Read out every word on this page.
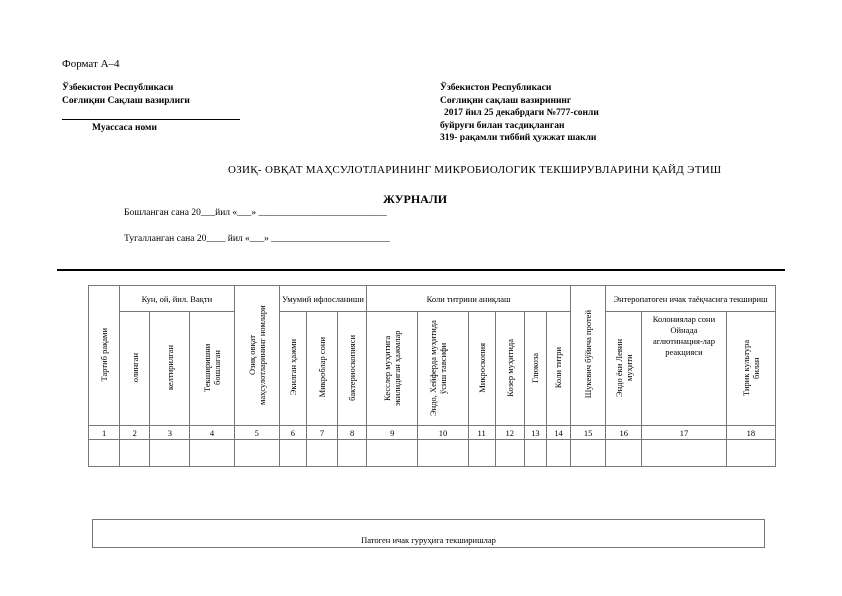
Формат А–4
Ўзбекистон Республикаси
Соғлиқни Сақлаш вазирлиги
Муассаса номи
Ўзбекистон Республикаси
Соғлиқни сақлаш вазирининг
2017 йил 25 декабрдаги №777-сонли
буйруғи билан тасдиқланган
319- рақамли тиббий ҳужжат шакли
ОЗИҚ- ОВҚАТ МАҲСУЛОТЛАРИНИНГ МИКРОБИОЛОГИК ТЕКШИРУВЛАРИНИ ҚАЙД ЭТИШ
ЖУРНАЛИ
Бошланган сана 20___йил «___» ___________________________
Тугалланган сана 20____ йил «___» _________________________
Тартиб рақами	Кун, ой, йил. Вақти			Озиқ овқат маҳсулотларининг номлари	Умумий ифлосланиши			Коли титрини аниқлаш						Шукевич бўйича протей	Энтеропатоген ичак таёқчасига текшириш		
	олинган	келтирилган	Текширишни бошлаган		Экилган ҳажми	Микроблар сони	бактериоскопияси	Кесслер муҳитига экилидиган ҳажмлар	Эндо, Хейферда муҳитида ўсиш тавсифи	Микроскопия	Козер муҳитида	Глюкоза	Коли титри		Эндо ёки Левин муҳити	Колониялар сони Ойнада аглютинация-лар реакцияси	Тирик культура билан
1	2	3	4	5	6	7	8	9	10	11	12	13	14	15	16	17	18

Патоген ичак гуруҳига текширишлар
